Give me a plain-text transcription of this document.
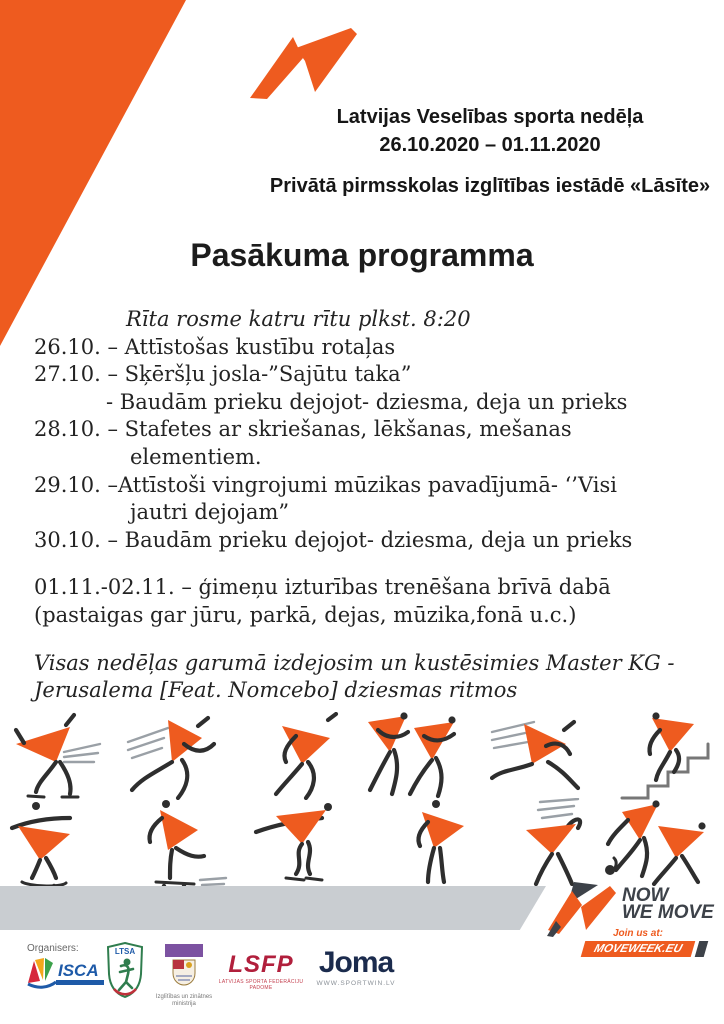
Latvijas Veselības sporta nedēļa
26.10.2020 – 01.11.2020
Privātā pirmsskolas izglītības iestādē «Lāsīte»
Pasākuma programma
Rīta rosme katru rītu plkst. 8:20
26.10. – Attīstošas kustību rotaļas
27.10. – Sķēršļu josla-”Sajūtu taka”
- Baudām prieku dejojot- dziesma, deja un prieks
28.10. – Stafetes ar skriešanas, lēkšanas, mešanas
elementiem.
29.10. –Attīstoši vingrojumi mūzikas pavadījumā- ‘’Visi
jautri dejojam”
30.10. – Baudām prieku dejojot- dziesma, deja un prieks
01.11.-02.11. – ģimeņu izturības trenēšana brīvā dabā
(pastaigas gar jūru, parkā, dejas, mūzika,fonā u.c.)
Visas nedēļas garumā izdejosim un kustēsimies Master KG -
Jerusalema [Feat. Nomcebo] dziesmas ritmos
NOW
WE MOVE
Join us at:
MOVEWEEK.EU
Organisers:
ISCA
LTSA
Izglītības un zinātnes
ministrija
LSFP
LATVIJAS SPORTA FEDERĀCIJU PADOME
Joma
WWW.SPORTWIN.LV
